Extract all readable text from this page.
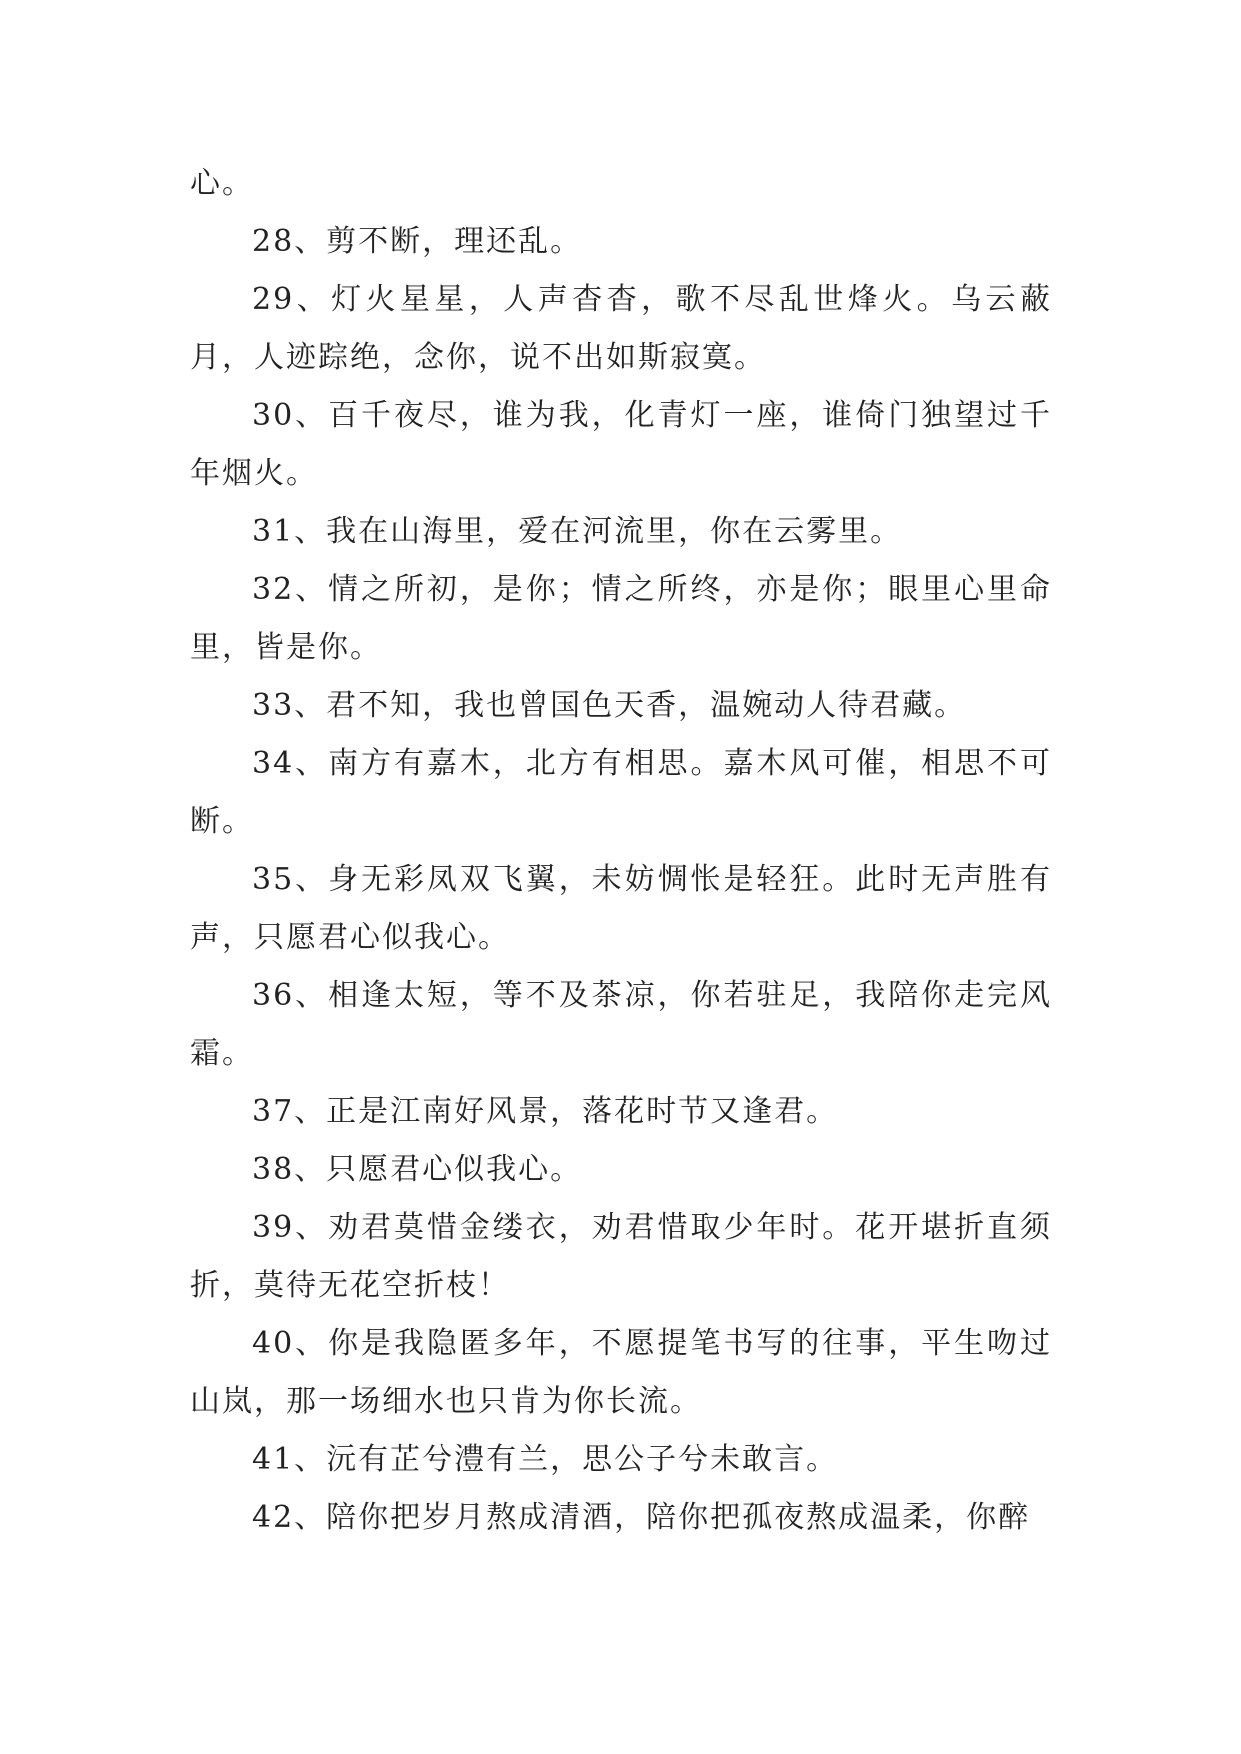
心。

28、剪不断，理还乱。

29、灯火星星，人声杳杳，歌不尽乱世烽火。乌云蔽月，人迹踪绝，念你，说不出如斯寂寞。

30、百千夜尽，谁为我，化青灯一座，谁倚门独望过千年烟火。

31、我在山海里，爱在河流里，你在云雾里。

32、情之所初，是你；情之所终，亦是你；眼里心里命里，皆是你。

33、君不知，我也曾国色天香，温婉动人待君藏。

34、南方有嘉木，北方有相思。嘉木风可催，相思不可断。

35、身无彩凤双飞翼，未妨惆怅是轻狂。此时无声胜有声，只愿君心似我心。

36、相逢太短，等不及茶凉，你若驻足，我陪你走完风霜。

37、正是江南好风景，落花时节又逢君。

38、只愿君心似我心。

39、劝君莫惜金缕衣，劝君惜取少年时。花开堪折直须折，莫待无花空折枝！

40、你是我隐匿多年，不愿提笔书写的往事，平生吻过山岚，那一场细水也只肯为你长流。

41、沅有芷兮澧有兰，思公子兮未敢言。

42、陪你把岁月熬成清酒，陪你把孤夜熬成温柔，你醉
